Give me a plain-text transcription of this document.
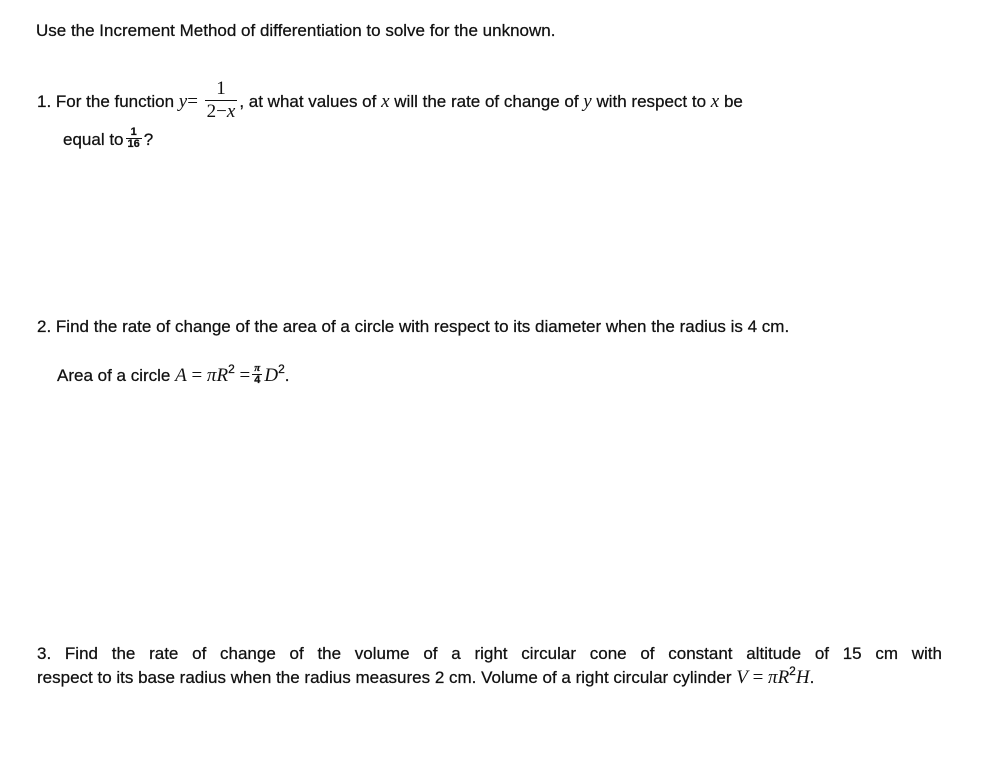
Use the Increment Method of differentiation to solve for the unknown.
1. For the function $y= \frac{1}{2-x}$ , at what values of x will the rate of change of y with respect to x be
equal to $\frac{1}{16}$ ?
2. Find the rate of change of the area of a circle with respect to its diameter when the radius is 4 cm.
Area of a circle $A = \pi R^2 = \frac{\pi}{4} D^2$.
3. Find the rate of change of the volume of a right circular cone of constant altitude of 15 cm with
respect to its base radius when the radius measures 2 cm. Volume of a right circular cylinder $V = \pi R^2H$.
